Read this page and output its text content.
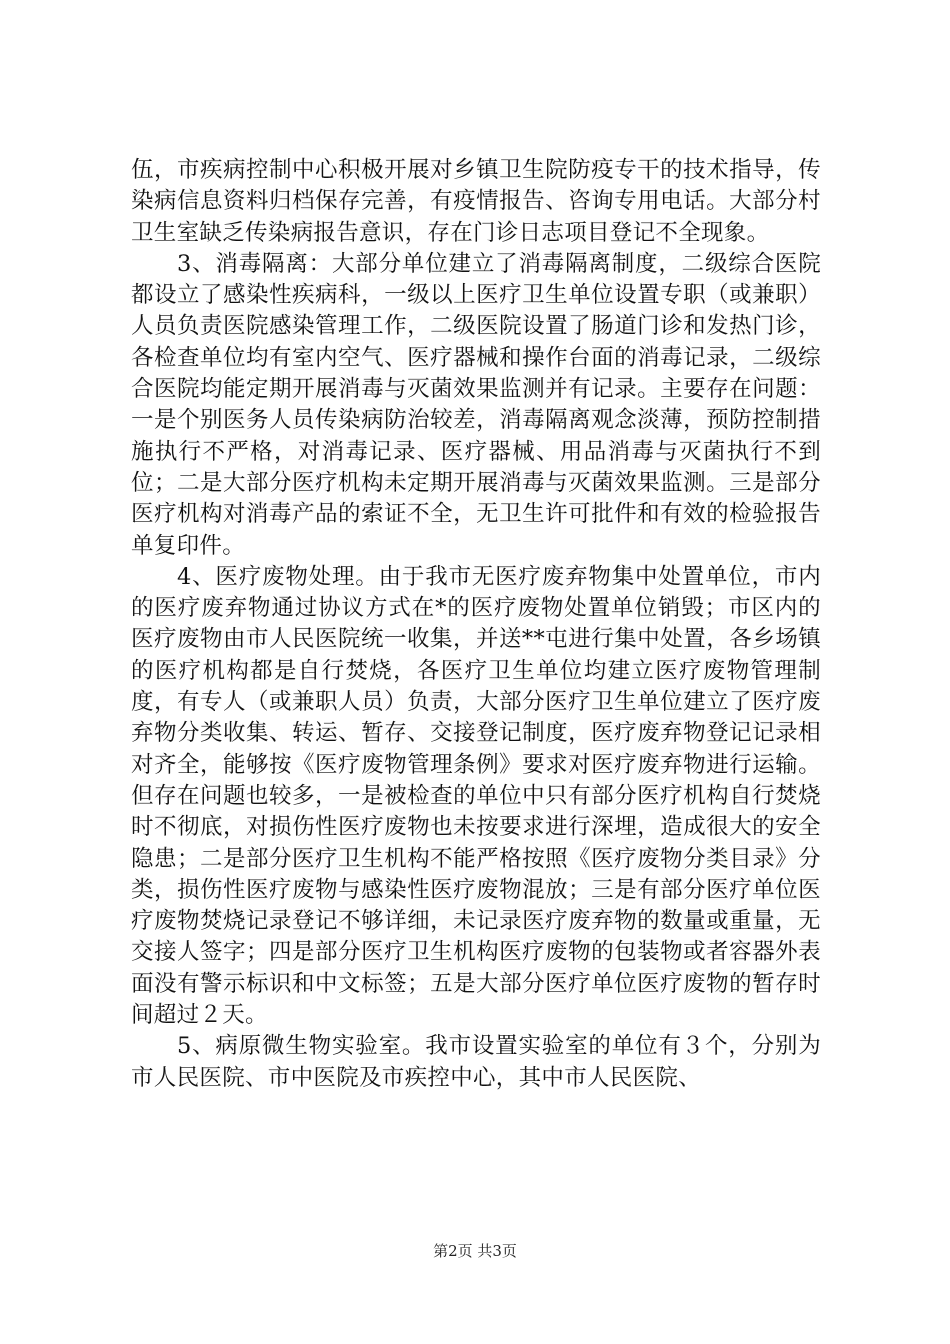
伍，市疾病控制中心积极开展对乡镇卫生院防疫专干的技术指导，传染病信息资料归档保存完善，有疫情报告、咨询专用电话。大部分村卫生室缺乏传染病报告意识，存在门诊日志项目登记不全现象。

3、消毒隔离：大部分单位建立了消毒隔离制度，二级综合医院都设立了感染性疾病科，一级以上医疗卫生单位设置专职（或兼职）人员负责医院感染管理工作，二级医院设置了肠道门诊和发热门诊，各检查单位均有室内空气、医疗器械和操作台面的消毒记录，二级综合医院均能定期开展消毒与灭菌效果监测并有记录。主要存在问题：一是个别医务人员传染病防治较差，消毒隔离观念淡薄，预防控制措施执行不严格，对消毒记录、医疗器械、用品消毒与灭菌执行不到位；二是大部分医疗机构未定期开展消毒与灭菌效果监测。三是部分医疗机构对消毒产品的索证不全，无卫生许可批件和有效的检验报告单复印件。

4、医疗废物处理。由于我市无医疗废弃物集中处置单位，市内的医疗废弃物通过协议方式在*的医疗废物处置单位销毁；市区内的医疗废物由市人民医院统一收集，并送**屯进行集中处置，各乡场镇的医疗机构都是自行焚烧，各医疗卫生单位均建立医疗废物管理制度，有专人（或兼职人员）负责，大部分医疗卫生单位建立了医疗废弃物分类收集、转运、暂存、交接登记制度，医疗废弃物登记记录相对齐全，能够按《医疗废物管理条例》要求对医疗废弃物进行运输。但存在问题也较多，一是被检查的单位中只有部分医疗机构自行焚烧时不彻底，对损伤性医疗废物也未按要求进行深埋，造成很大的安全隐患；二是部分医疗卫生机构不能严格按照《医疗废物分类目录》分类，损伤性医疗废物与感染性医疗废物混放；三是有部分医疗单位医疗废物焚烧记录登记不够详细，未记录医疗废弃物的数量或重量，无交接人签字；四是部分医疗卫生机构医疗废物的包装物或者容器外表面没有警示标识和中文标签；五是大部分医疗单位医疗废物的暂存时间超过２天。

5、病原微生物实验室。我市设置实验室的单位有３个，分别为市人民医院、市中医院及市疾控中心，其中市人民医院、

第2页 共3页
